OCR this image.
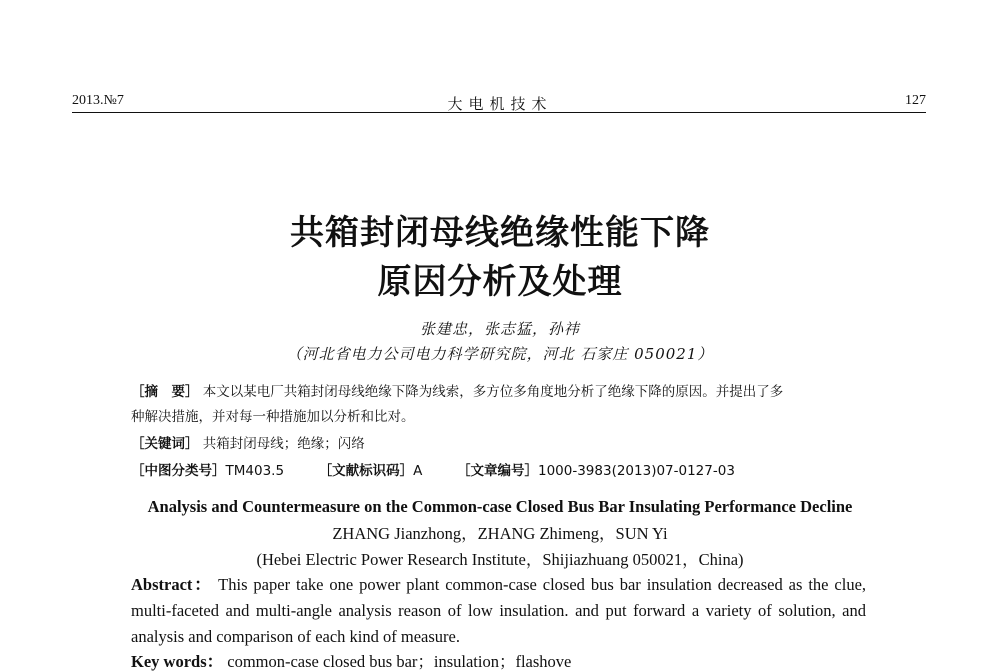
2013.№7	大电机技术	127
共箱封闭母线绝缘性能下降
原因分析及处理
张建忠，张志猛，孙祎
（河北省电力公司电力科学研究院，河北 石家庄 050021）
［摘　要］ 本文以某电厂共箱封闭母线绝缘下降为线索，多方位多角度地分析了绝缘下降的原因。并提出了多
种解决措施，并对每一种措施加以分析和比对。
［关键词］ 共箱封闭母线；绝缘；闪络
［中图分类号］TM403.5	［文献标识码］A	［文章编号］1000-3983(2013)07-0127-03
Analysis and Countermeasure on the Common-case Closed Bus Bar Insulating Performance Decline
ZHANG Jianzhong，ZHANG Zhimeng，SUN Yi
(Hebei Electric Power Research Institute，Shijiazhuang 050021，China)
Abstract： This paper take one power plant common-case closed bus bar insulation decreased as the clue, multi-faceted and multi-angle analysis reason of low insulation. and put forward a variety of solution, and analysis and comparison of each kind of measure.
Key words： common-case closed bus bar；insulation；flashove
